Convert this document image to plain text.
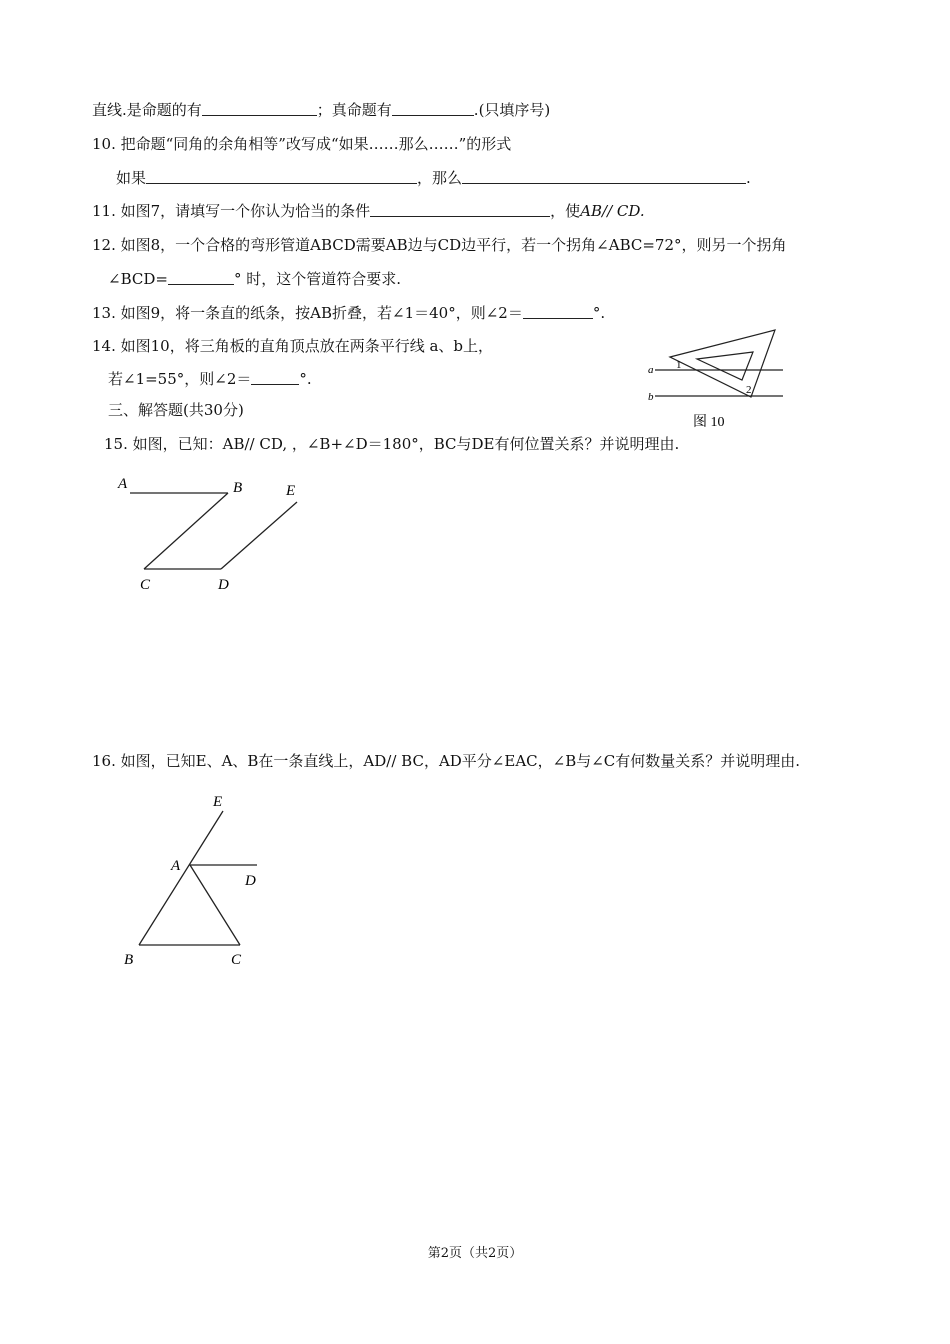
直线.是命题的有	；真命题有	.(只填序号)
10. 把命题“同角的余角相等”改写成“如果……那么……”的形式
如果	，那么	.
11. 如图7，请填写一个你认为恰当的条件	，使AB// CD.
12. 如图8，一个合格的弯形管道ABCD需要AB边与CD边平行，若一个拐角∠ABC=72°，则另一个拐角
∠BCD=	° 时，这个管道符合要求.
13. 如图9，将一条直的纸条，按AB折叠，若∠1＝40°，则∠2＝	°.
14. 如图10，将三角板的直角顶点放在两条平行线 a、b上，
若∠1=55°，则∠2＝	°.	a
b
1
2
图 10
三、解答题(共30分)
15. 如图，已知：AB// CD, ，∠B+∠D＝180°，BC与DE有何位置关系？并说明理由.
A	B
C	D
E
16. 如图，已知E、A、B在一条直线上，AD// BC，AD平分∠EAC，∠B与∠C有何数量关系？并说明理由.
E
A
D
B	C
第2页（共2页）
